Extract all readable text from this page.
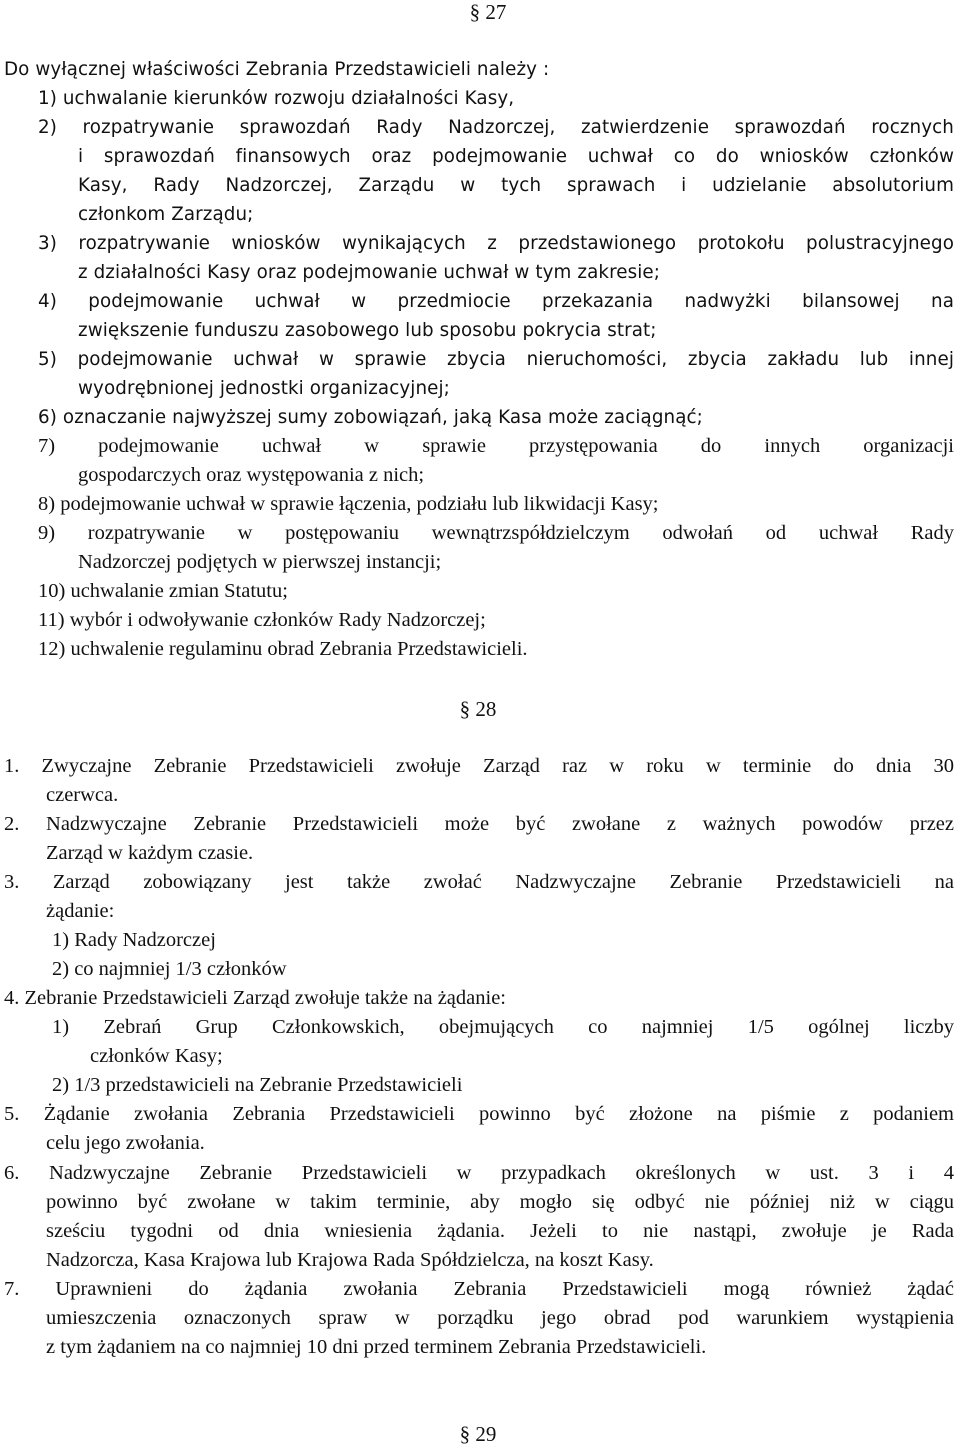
§ 27
Do wyłącznej właściwości Zebrania Przedstawicieli należy :
1) uchwalanie kierunków rozwoju działalności Kasy,
2) rozpatrywanie sprawozdań Rady Nadzorczej, zatwierdzenie sprawozdań rocznych
i sprawozdań finansowych oraz podejmowanie uchwał co do wniosków członków
Kasy, Rady Nadzorczej, Zarządu w tych sprawach i udzielanie absolutorium
członkom Zarządu;
3) rozpatrywanie wniosków wynikających z przedstawionego protokołu polustracyjnego
z działalności Kasy oraz podejmowanie uchwał w tym zakresie;
4) podejmowanie uchwał w przedmiocie przekazania nadwyżki bilansowej na
zwiększenie funduszu zasobowego lub sposobu pokrycia strat;
5) podejmowanie uchwał w sprawie zbycia nieruchomości, zbycia zakładu lub innej
wyodrębnionej jednostki organizacyjnej;
6) oznaczanie najwyższej sumy zobowiązań, jaką Kasa może zaciągnąć;
7) podejmowanie uchwał w sprawie przystępowania do innych organizacji
gospodarczych oraz występowania z nich;
8) podejmowanie uchwał w sprawie łączenia, podziału lub likwidacji Kasy;
9) rozpatrywanie w postępowaniu wewnątrzspółdzielczym odwołań od uchwał Rady
Nadzorczej podjętych w pierwszej instancji;
10) uchwalanie zmian Statutu;
11) wybór i odwoływanie członków Rady Nadzorczej;
12) uchwalenie regulaminu obrad Zebrania Przedstawicieli.
§ 28
1. Zwyczajne Zebranie Przedstawicieli zwołuje Zarząd raz w roku w terminie do dnia 30
czerwca.
2. Nadzwyczajne Zebranie Przedstawicieli może być zwołane z ważnych powodów przez
Zarząd w każdym czasie.
3. Zarząd zobowiązany jest także zwołać Nadzwyczajne Zebranie Przedstawicieli na
żądanie:
1) Rady Nadzorczej
2) co najmniej 1/3 członków
4. Zebranie Przedstawicieli Zarząd zwołuje także na żądanie:
1) Zebrań Grup Członkowskich, obejmujących co najmniej 1/5 ogólnej liczby
członków Kasy;
2) 1/3 przedstawicieli na Zebranie Przedstawicieli
5. Żądanie zwołania Zebrania Przedstawicieli powinno być złożone na piśmie z podaniem
celu jego zwołania.
6. Nadzwyczajne Zebranie Przedstawicieli w przypadkach określonych w ust. 3 i 4
powinno być zwołane w takim terminie, aby mogło się odbyć nie później niż w ciągu
sześciu tygodni od dnia wniesienia żądania. Jeżeli to nie nastąpi, zwołuje je Rada
Nadzorcza, Kasa Krajowa lub Krajowa Rada Spółdzielcza, na koszt Kasy.
7. Uprawnieni do żądania zwołania Zebrania Przedstawicieli mogą również żądać
umieszczenia oznaczonych spraw w porządku jego obrad pod warunkiem wystąpienia
z tym żądaniem na co najmniej 10 dni przed terminem Zebrania Przedstawicieli.
§ 29
